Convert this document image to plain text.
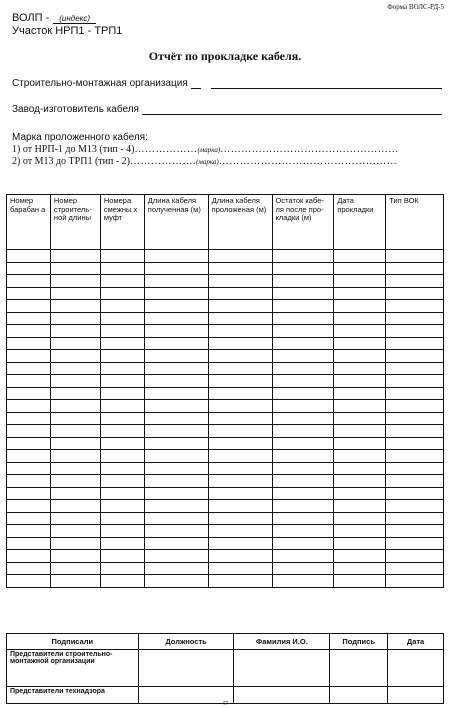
Форма ВОЛС-РД-5
ВОЛП - (индекс)
Участок НРП1 - ТРП1
Отчёт по прокладке кабеля.
Строительно-монтажная организация
Завод-изготовитель кабеля
Марка проложенного кабеля:
1) от НРП-1 до М13 (тип - 4)………………(марка)……………………………………………
2) от М13 до ТРП1 (тип - 2)……………….(марка)……………………………………………
Номер барабан а	Номер строитель-ной длины	Номера смежны х муфт	Длина кабеля полученная (м)	Длина кабеля проложеная (м)	Остаток кабе-ля после про-кладки (м)	Дата прокладки	Тип ВОК

Подписали	Должность	Фамилия И.О.	Подпись	Дата
Представители строительно-монтажной организации				
Представители технадзора				
47
